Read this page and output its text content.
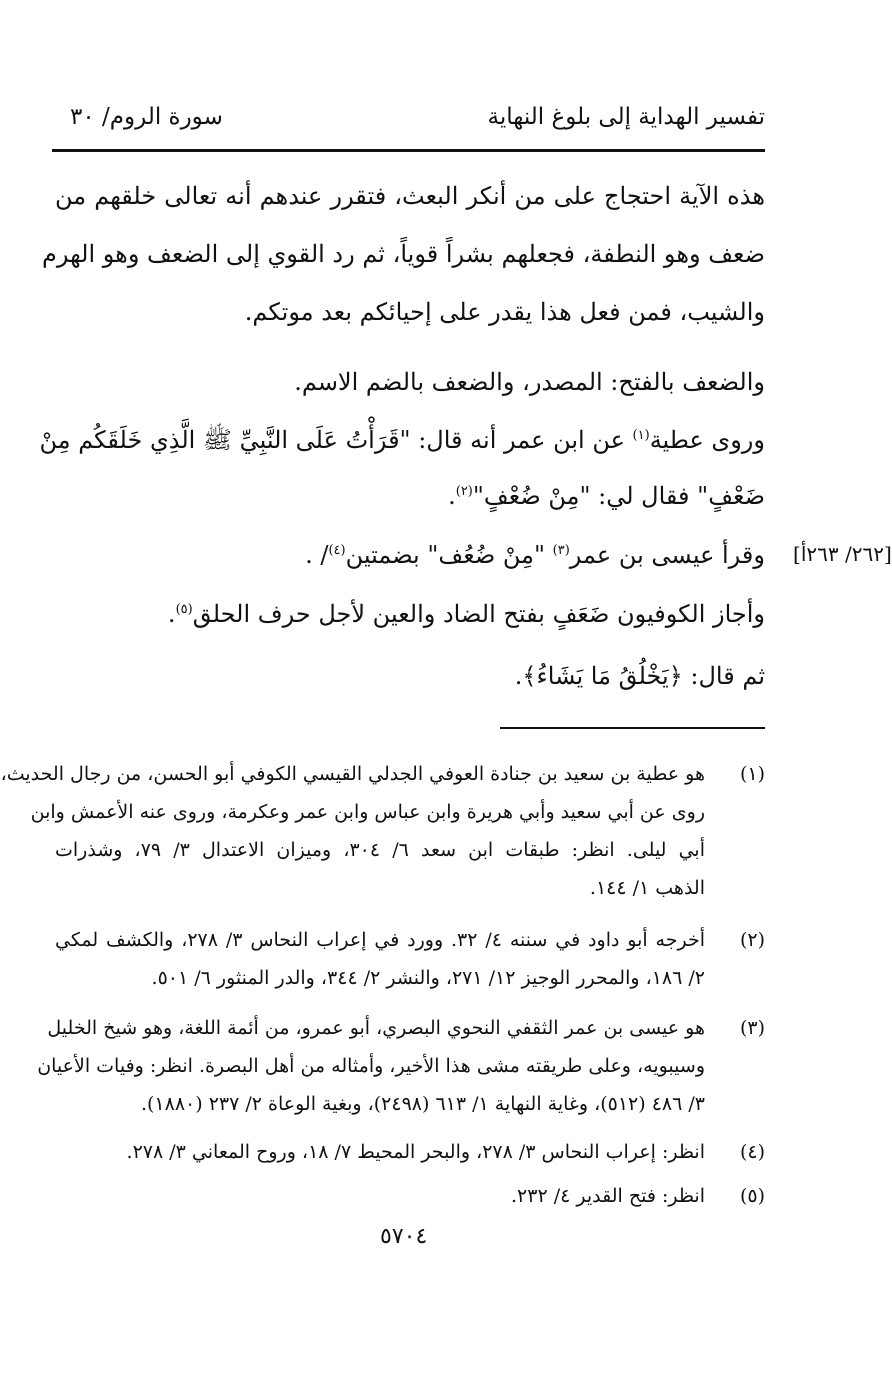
تفسير الهداية إلى بلوغ النهاية
سورة الروم/ ٣٠
هذه الآية احتجاج على من أنكر البعث، فتقرر عندهم أنه تعالى خلقهم من
ضعف وهو النطفة، فجعلهم بشراً قوياً، ثم رد القوي إلى الضعف وهو الهرم
والشيب، فمن فعل هذا يقدر على إحيائكم بعد موتكم.
والضعف بالفتح: المصدر، والضعف بالضم الاسم.
وروى عطية$^{(١)}$ عن ابن عمر أنه قال: "قَرَأْتُ عَلَى النَّبِيِّ ﷺ الَّذِي خَلَقَكُم مِنْ
ضَعْفٍ" فقال لي: "مِنْ ضُعْفٍ"$^{(٢)}$.
وقرأ عيسى بن عمر$^{(٣)}$ "مِنْ ضُعُف" بضمتين$^{(٤)}$/ .
وأجاز الكوفيون ضَعَفٍ بفتح الضاد والعين لأجل حرف الحلق$^{(٥)}$.
ثم قال: ﴿يَخْلُقُ مَا يَشَاءُ﴾.
[٢٦٢/ ٢٦٣أ]
(١)
هو عطية بن سعيد بن جنادة العوفي الجدلي القيسي الكوفي أبو الحسن، من رجال الحديث،
روى عن أبي سعيد وأبي هريرة وابن عباس وابن عمر وعكرمة، وروى عنه الأعمش وابن
أبي ليلى. انظر: طبقات ابن سعد ٦/ ٣٠٤، وميزان الاعتدال ٣/ ٧٩، وشذرات
الذهب ١/ ١٤٤.
(٢)
أخرجه أبو داود في سننه ٤/ ٣٢. وورد في إعراب النحاس ٣/ ٢٧٨، والكشف لمكي
٢/ ١٨٦، والمحرر الوجيز ١٢/ ٢٧١، والنشر ٢/ ٣٤٤، والدر المنثور ٦/ ٥٠١.
(٣)
هو عيسى بن عمر الثقفي النحوي البصري، أبو عمرو، من أئمة اللغة، وهو شيخ الخليل
وسيبويه، وعلى طريقته مشى هذا الأخير، وأمثاله من أهل البصرة. انظر: وفيات الأعيان
٣/ ٤٨٦ (٥١٢)، وغاية النهاية ١/ ٦١٣ (٢٤٩٨)، وبغية الوعاة ٢/ ٢٣٧ (١٨٨٠).
(٤)
انظر: إعراب النحاس ٣/ ٢٧٨، والبحر المحيط ٧/ ١٨، وروح المعاني ٣/ ٢٧٨.
(٥)
انظر: فتح القدير ٤/ ٢٣٢.
٥٧٠٤
